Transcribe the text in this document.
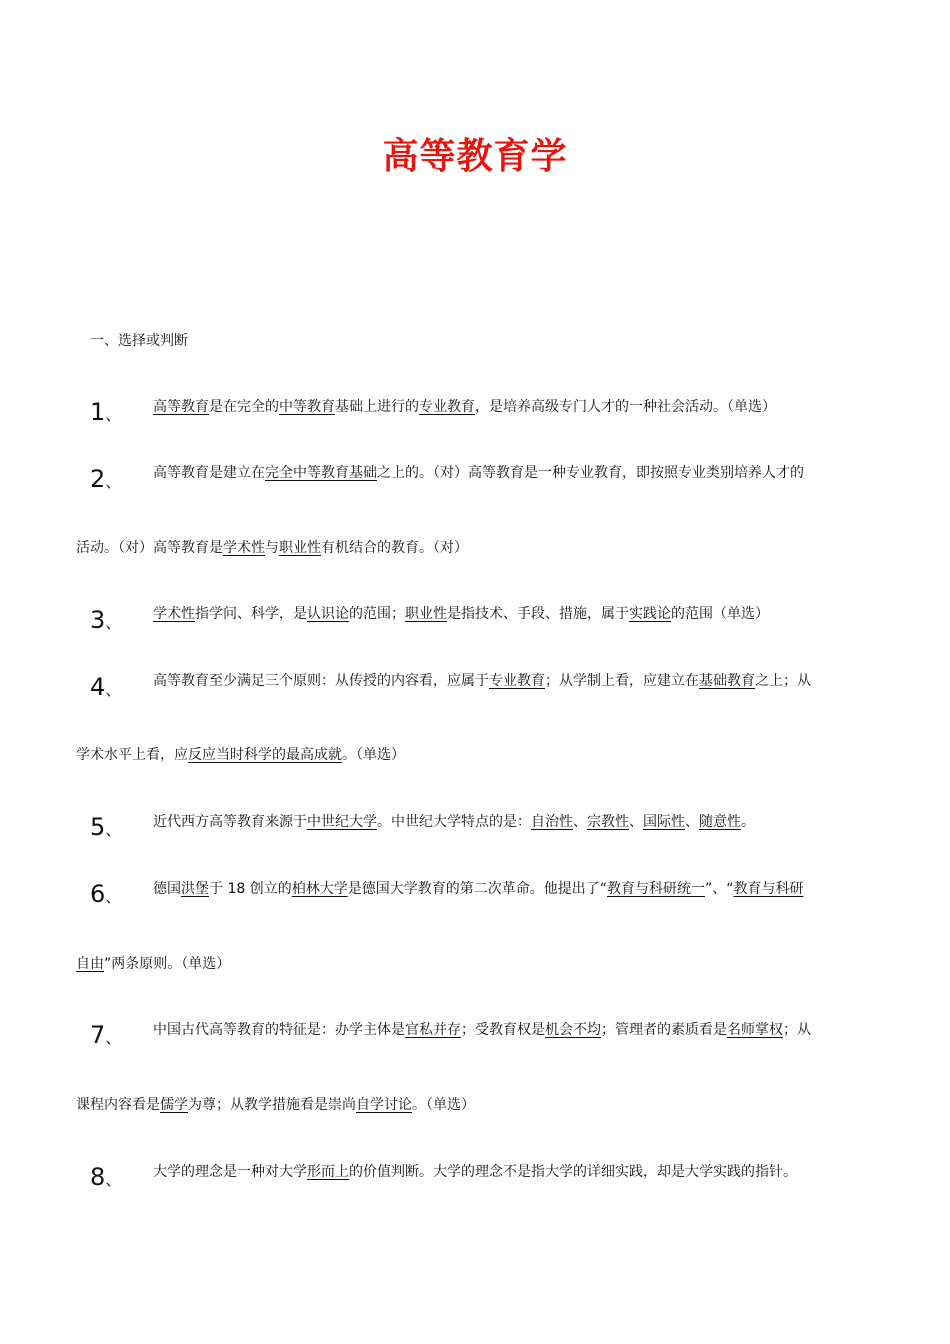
高等教育学
一、选择或判断
1、 高等教育是在完全的中等教育基础上进行的专业教育，是培养高级专门人才的一种社会活动。（单选）
2、 高等教育是建立在完全中等教育基础之上的。（对）高等教育是一种专业教育，即按照专业类别培养人才的
活动。（对）高等教育是学术性与职业性有机结合的教育。（对）
3、 学术性指学问、科学，是认识论的范围；职业性是指技术、手段、措施，属于实践论的范围（单选）
4、 高等教育至少满足三个原则：从传授的内容看，应属于专业教育；从学制上看，应建立在基础教育之上；从
学术水平上看，应反应当时科学的最高成就。（单选）
5、 近代西方高等教育来源于中世纪大学。中世纪大学特点的是：自治性、宗教性、国际性、随意性。
6、 德国洪堡于 18 创立的柏林大学是德国大学教育的第二次革命。他提出了“教育与科研统一”、“教育与科研
自由”两条原则。（单选）
7、 中国古代高等教育的特征是：办学主体是官私并存；受教育权是机会不均；管理者的素质看是名师掌权；从
课程内容看是儒学为尊；从教学措施看是崇尚自学讨论。（单选）
8、 大学的理念是一种对大学形而上的价值判断。大学的理念不是指大学的详细实践，却是大学实践的指针。
